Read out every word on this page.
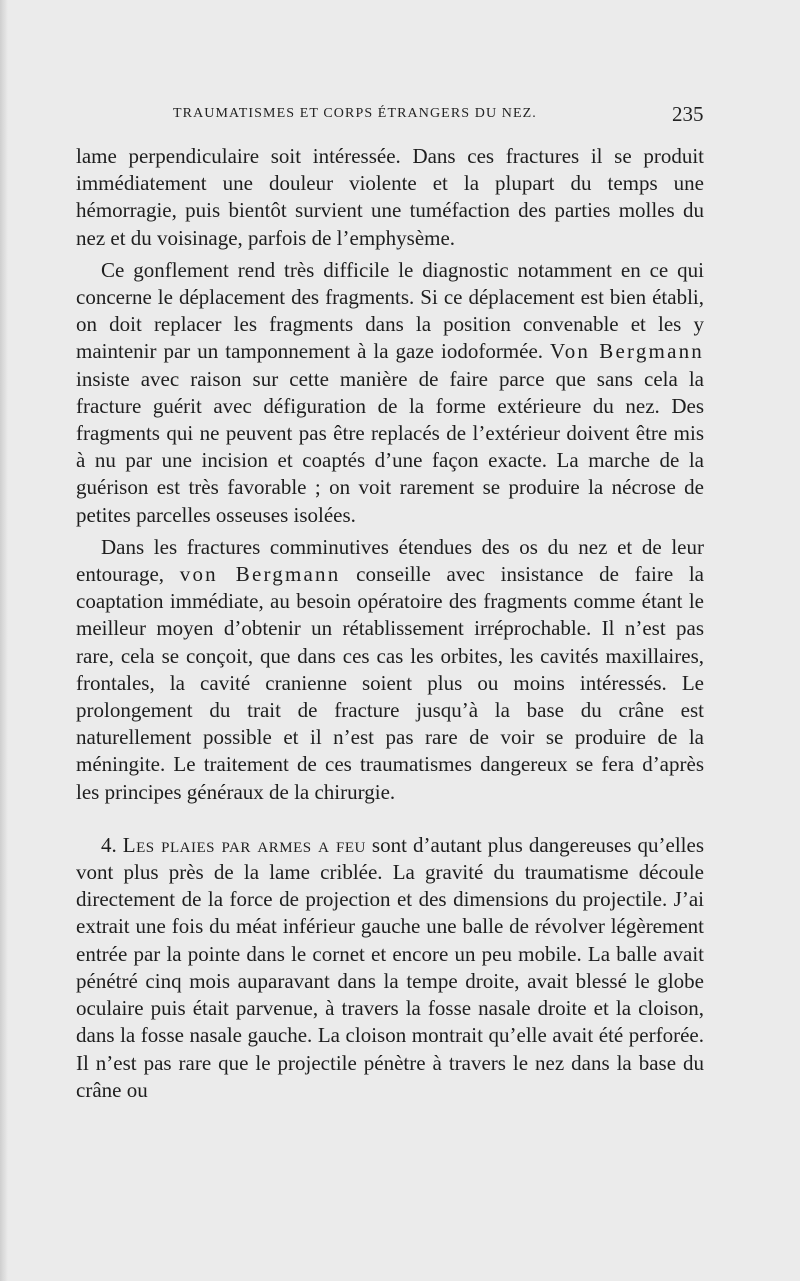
TRAUMATISMES ET CORPS ÉTRANGERS DU NEZ.	235

lame perpendiculaire soit intéressée. Dans ces fractures il se produit immédiatement une douleur violente et la plupart du temps une hémorragie, puis bientôt survient une tuméfaction des parties molles du nez et du voisinage, parfois de l’emphysème.

Ce gonflement rend très difficile le diagnostic notamment en ce qui concerne le déplacement des fragments. Si ce déplacement est bien établi, on doit replacer les fragments dans la position convenable et les y maintenir par un tamponnement à la gaze iodoformée. Von Bergmann insiste avec raison sur cette manière de faire parce que sans cela la fracture guérit avec défiguration de la forme extérieure du nez. Des fragments qui ne peuvent pas être replacés de l’extérieur doivent être mis à nu par une incision et coaptés d’une façon exacte. La marche de la guérison est très favorable ; on voit rarement se produire la nécrose de petites parcelles osseuses isolées.

Dans les fractures comminutives étendues des os du nez et de leur entourage, von Bergmann conseille avec insistance de faire la coaptation immédiate, au besoin opératoire des fragments comme étant le meilleur moyen d’obtenir un rétablissement irréprochable. Il n’est pas rare, cela se conçoit, que dans ces cas les orbites, les cavités maxillaires, frontales, la cavité cranienne soient plus ou moins intéressés. Le prolongement du trait de fracture jusqu’à la base du crâne est naturellement possible et il n’est pas rare de voir se produire de la méningite. Le traitement de ces traumatismes dangereux se fera d’après les principes généraux de la chirurgie.

4. Les plaies par armes a feu sont d’autant plus dangereuses qu’elles vont plus près de la lame criblée. La gravité du traumatisme découle directement de la force de projection et des dimensions du projectile. J’ai extrait une fois du méat inférieur gauche une balle de révolver légèrement entrée par la pointe dans le cornet et encore un peu mobile. La balle avait pénétré cinq mois auparavant dans la tempe droite, avait blessé le globe oculaire puis était parvenue, à travers la fosse nasale droite et la cloison, dans la fosse nasale gauche. La cloison montrait qu’elle avait été perforée. Il n’est pas rare que le projectile pénètre à travers le nez dans la base du crâne ou
